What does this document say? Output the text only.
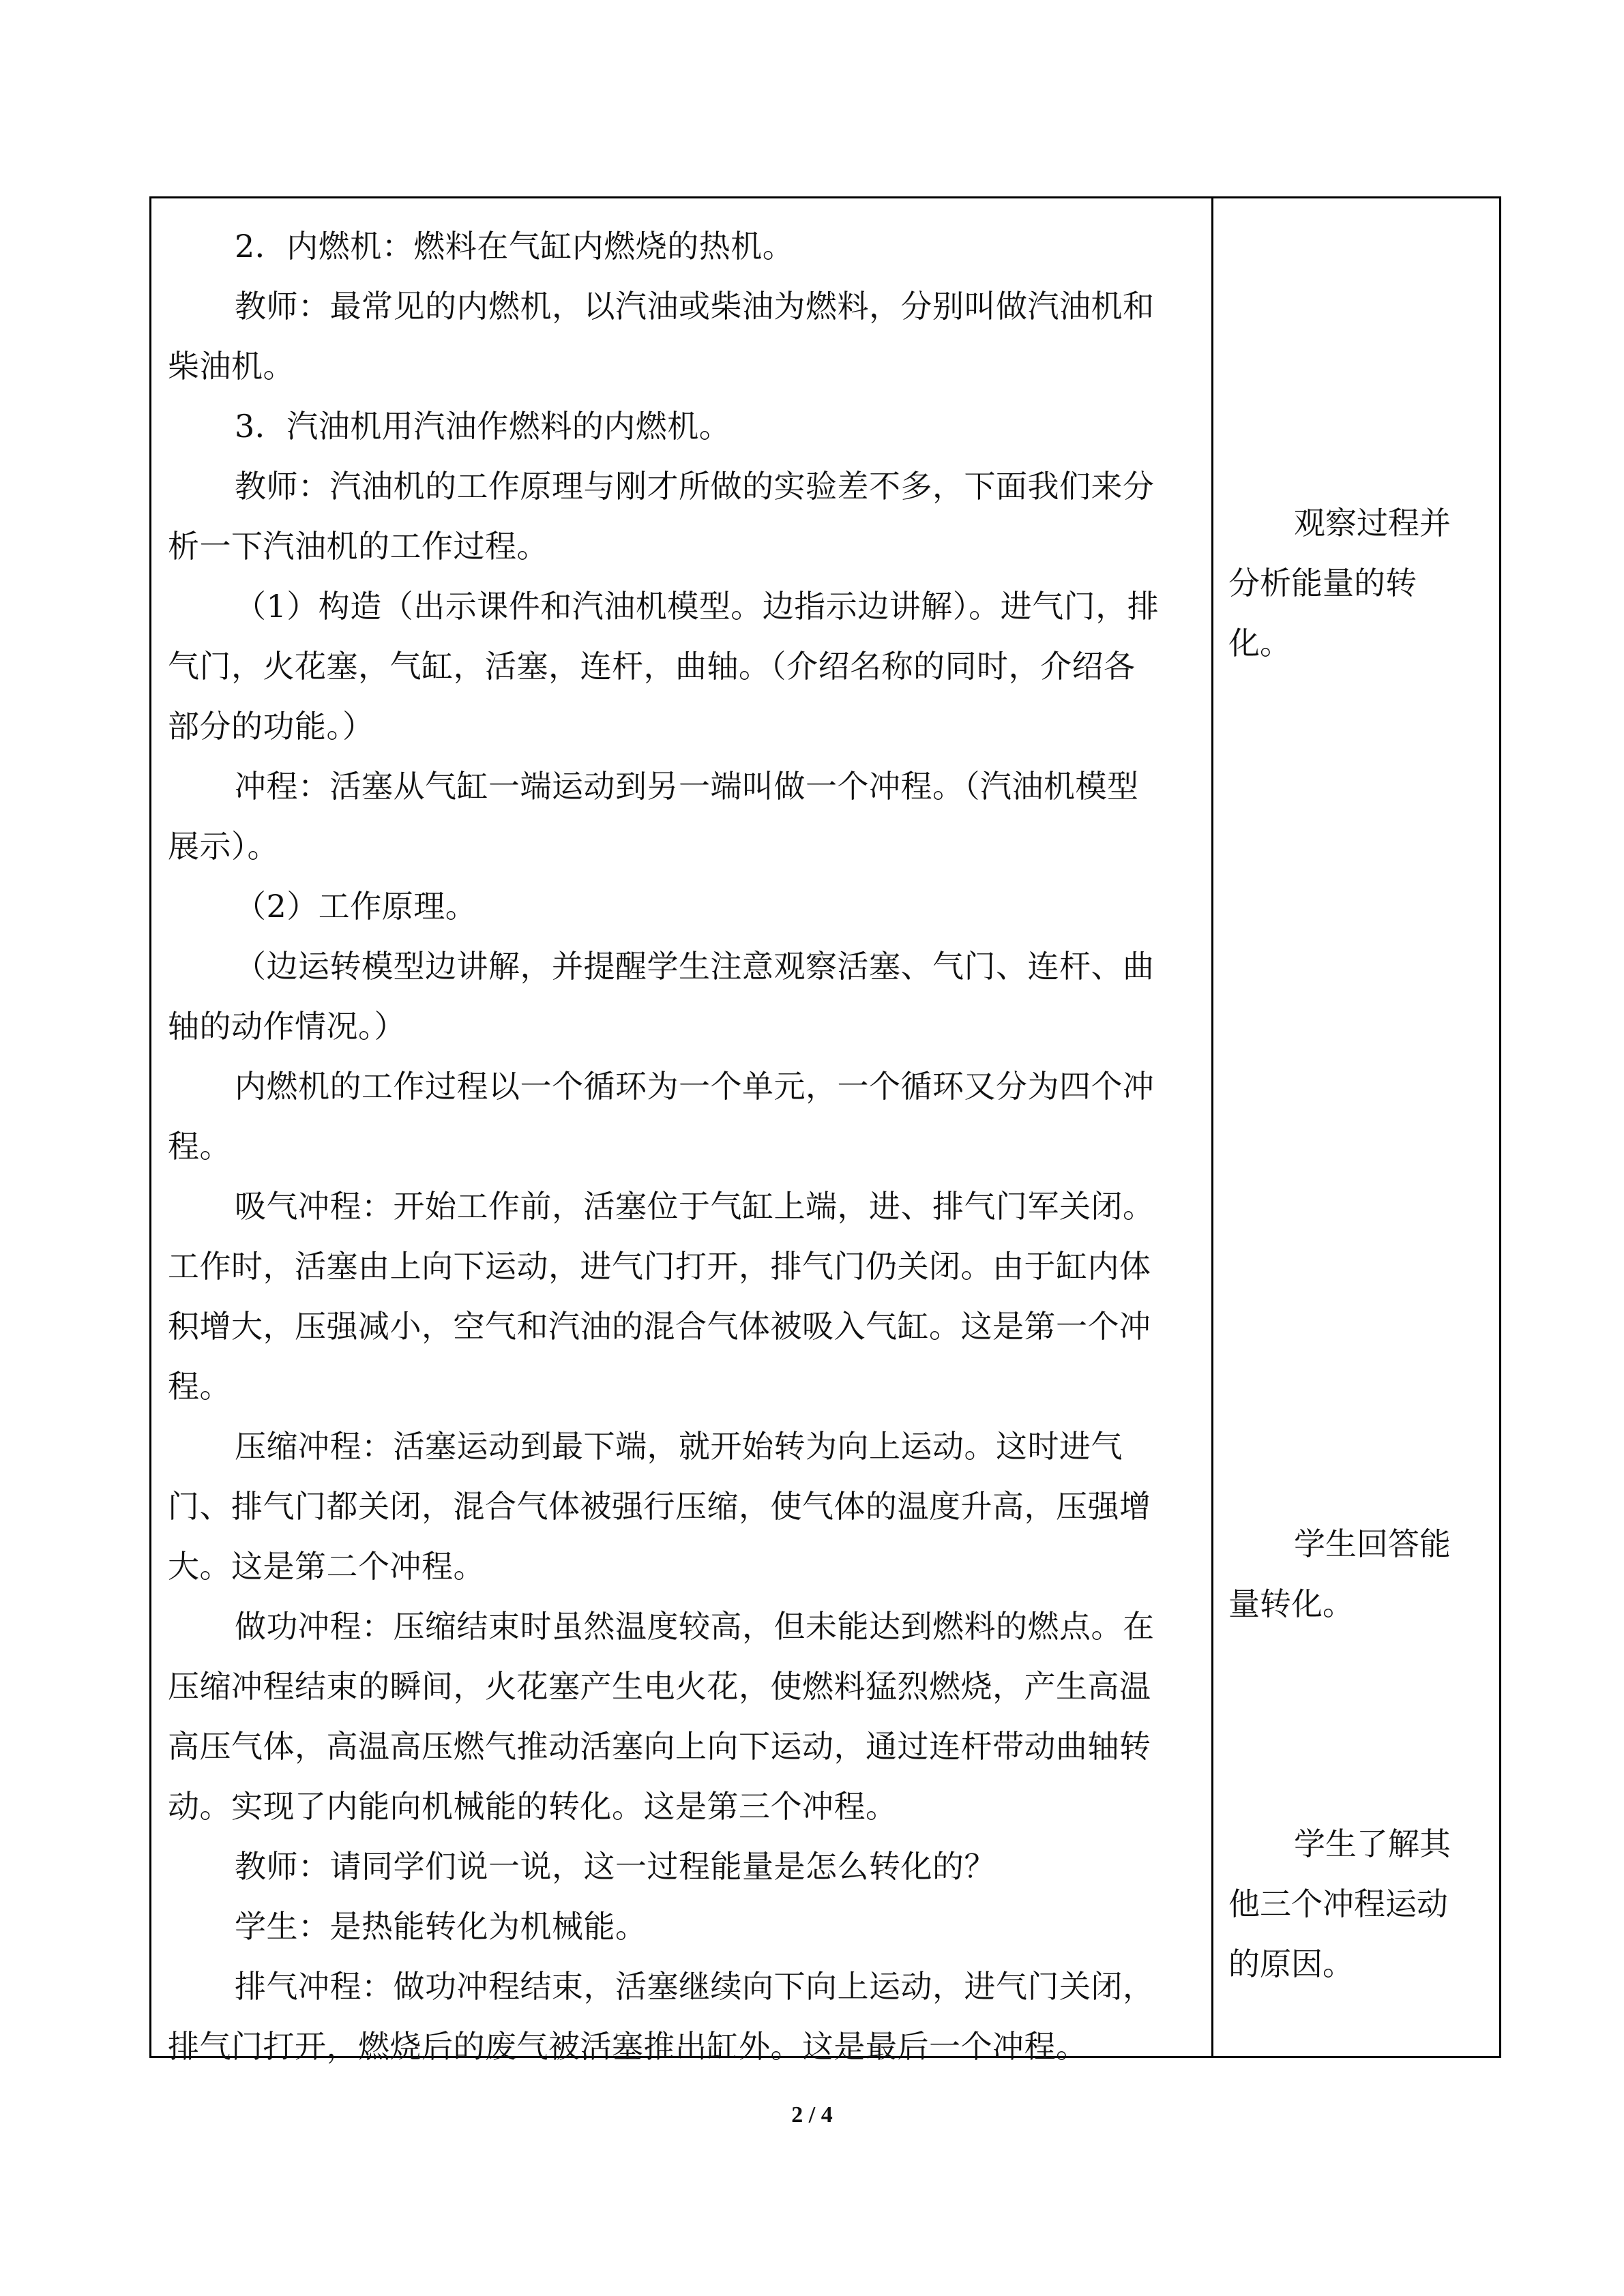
2．内燃机：燃料在气缸内燃烧的热机。
教师：最常见的内燃机，以汽油或柴油为燃料，分别叫做汽油机和
柴油机。
3．汽油机用汽油作燃料的内燃机。
教师：汽油机的工作原理与刚才所做的实验差不多，下面我们来分
析一下汽油机的工作过程。
（1）构造（出示课件和汽油机模型。边指示边讲解）。进气门，排
气门，火花塞，气缸，活塞，连杆，曲轴。（介绍名称的同时，介绍各
部分的功能。）
冲程：活塞从气缸一端运动到另一端叫做一个冲程。（汽油机模型
展示）。
（2）工作原理。
（边运转模型边讲解，并提醒学生注意观察活塞、气门、连杆、曲
轴的动作情况。）
内燃机的工作过程以一个循环为一个单元，一个循环又分为四个冲
程。
吸气冲程：开始工作前，活塞位于气缸上端，进、排气门军关闭。
工作时，活塞由上向下运动，进气门打开，排气门仍关闭。由于缸内体
积增大，压强减小，空气和汽油的混合气体被吸入气缸。这是第一个冲
程。
压缩冲程：活塞运动到最下端，就开始转为向上运动。这时进气
门、排气门都关闭，混合气体被强行压缩，使气体的温度升高，压强增
大。这是第二个冲程。
做功冲程：压缩结束时虽然温度较高，但未能达到燃料的燃点。在
压缩冲程结束的瞬间，火花塞产生电火花，使燃料猛烈燃烧，产生高温
高压气体，高温高压燃气推动活塞向上向下运动，通过连杆带动曲轴转
动。实现了内能向机械能的转化。这是第三个冲程。
教师：请同学们说一说，这一过程能量是怎么转化的？
学生：是热能转化为机械能。
排气冲程：做功冲程结束，活塞继续向下向上运动，进气门关闭，
排气门打开，燃烧后的废气被活塞推出缸外。这是最后一个冲程。
观察过程并
分析能量的转
化。
学生回答能
量转化。
学生了解其
他三个冲程运动
的原因。
2 / 4
